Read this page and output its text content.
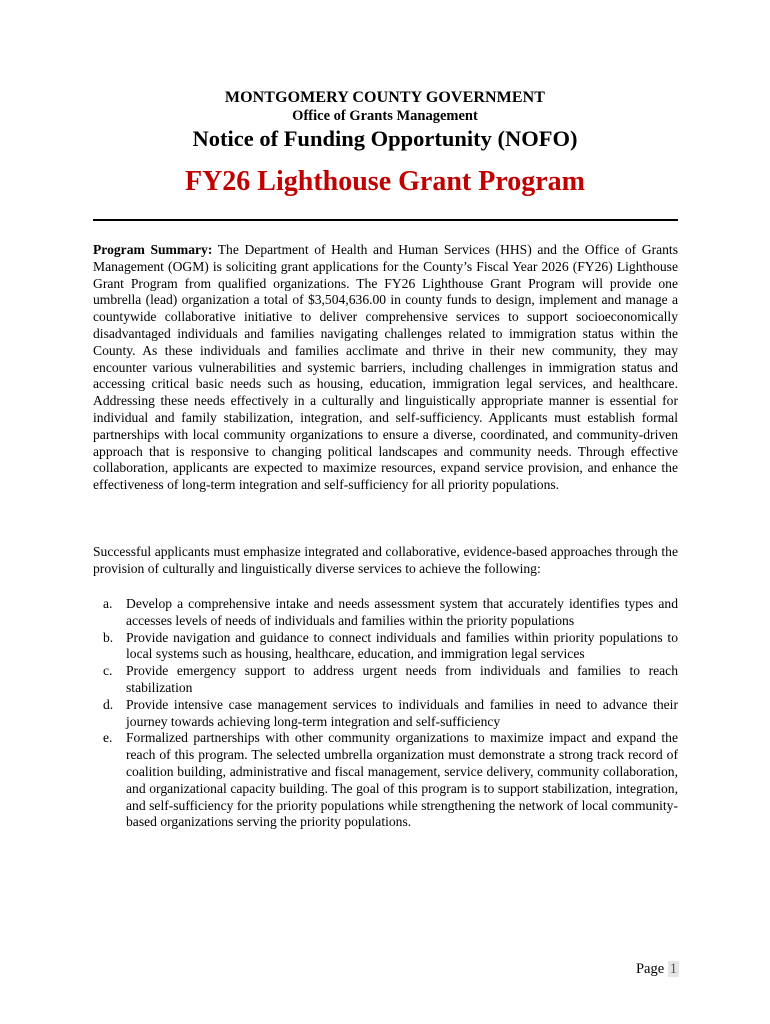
MONTGOMERY COUNTY GOVERNMENT
Office of Grants Management
Notice of Funding Opportunity (NOFO)
FY26 Lighthouse Grant Program

Program Summary: The Department of Health and Human Services (HHS) and the Office of Grants Management (OGM) is soliciting grant applications for the County’s Fiscal Year 2026 (FY26) Lighthouse Grant Program from qualified organizations. The FY26 Lighthouse Grant Program will provide one umbrella (lead) organization a total of $3,504,636.00 in county funds to design, implement and manage a countywide collaborative initiative to deliver comprehensive services to support socioeconomically disadvantaged individuals and families navigating challenges related to immigration status within the County. As these individuals and families acclimate and thrive in their new community, they may encounter various vulnerabilities and systemic barriers, including challenges in immigration status and accessing critical basic needs such as housing, education, immigration legal services, and healthcare. Addressing these needs effectively in a culturally and linguistically appropriate manner is essential for individual and family stabilization, integration, and self-sufficiency. Applicants must establish formal partnerships with local community organizations to ensure a diverse, coordinated, and community-driven approach that is responsive to changing political landscapes and community needs. Through effective collaboration, applicants are expected to maximize resources, expand service provision, and enhance the effectiveness of long-term integration and self-sufficiency for all priority populations.

Successful applicants must emphasize integrated and collaborative, evidence-based approaches through the provision of culturally and linguistically diverse services to achieve the following:

a. Develop a comprehensive intake and needs assessment system that accurately identifies types and accesses levels of needs of individuals and families within the priority populations
b. Provide navigation and guidance to connect individuals and families within priority populations to local systems such as housing, healthcare, education, and immigration legal services
c. Provide emergency support to address urgent needs from individuals and families to reach stabilization
d. Provide intensive case management services to individuals and families in need to advance their journey towards achieving long-term integration and self-sufficiency
e. Formalized partnerships with other community organizations to maximize impact and expand the reach of this program. The selected umbrella organization must demonstrate a strong track record of coalition building, administrative and fiscal management, service delivery, community collaboration, and organizational capacity building. The goal of this program is to support stabilization, integration, and self-sufficiency for the priority populations while strengthening the network of local community-based organizations serving the priority populations.
Page 1
